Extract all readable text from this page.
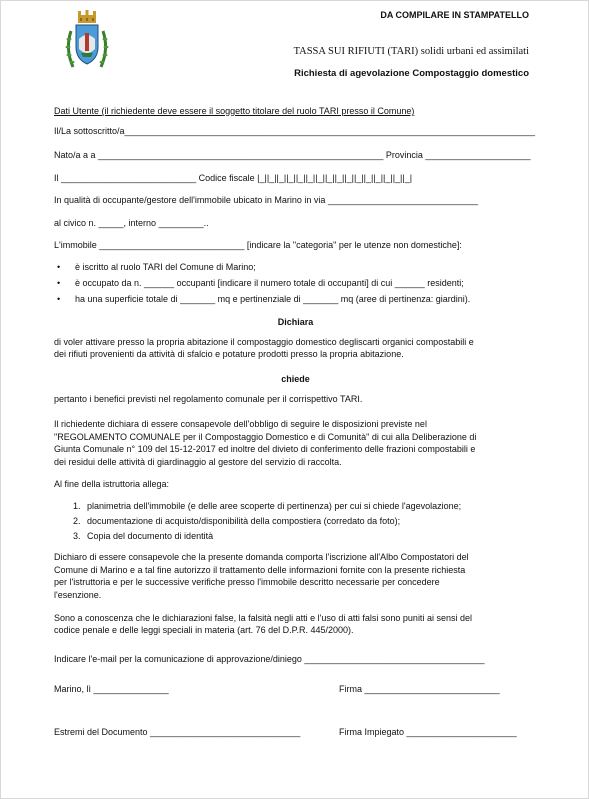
DA COMPILARE IN STAMPATELLO
TASSA SUI RIFIUTI (TARI) solidi urbani ed assimilati
Richiesta di agevolazione Compostaggio domestico
Dati Utente (il richiedente deve essere il soggetto titolare del ruolo TARI presso il Comune)
Il/La sottoscritto/a__________________________________________________________________________________
Nato/a a a _________________________________________________________ Provincia _____________________
Il ___________________________ Codice fiscale |_||_||_||_||_||_||_||_||_||_||_||_||_||_||_||_|
In qualità di occupante/gestore dell'immobile ubicato in Marino in via ______________________________
al civico n. _____, interno _________..
L'immobile _____________________________ [indicare la "categoria" per le utenze non domestiche]:
• è iscritto al ruolo TARI del Comune di Marino;
• è occupato da n. ______ occupanti [indicare il numero totale di occupanti] di cui ______ residenti;
• ha una superficie totale di _______ mq e pertinenziale di _______ mq (aree di pertinenza: giardini).
Dichiara
di voler attivare presso la propria abitazione il compostaggio domestico degliscarti organici compostabili e
dei rifiuti provenienti da attività di sfalcio e potature prodotti presso la propria abitazione.
chiede
pertanto i benefici previsti nel regolamento comunale per il corrispettivo TARI.
Il richiedente dichiara di essere consapevole dell'obbligo di seguire le disposizioni previste nel
"REGOLAMENTO COMUNALE per il Compostaggio Domestico e di Comunità" di cui alla Deliberazione di
Giunta Comunale n° 109 del 15-12-2017 ed inoltre del divieto di conferimento delle frazioni compostabili e
dei residui delle attività di giardinaggio al gestore del servizio di raccolta.
Al fine della istruttoria allega:
1. planimetria dell'immobile (e delle aree scoperte di pertinenza) per cui si chiede l'agevolazione;
2. documentazione di acquisto/disponibilità della compostiera (corredato da foto);
3. Copia del documento di identità
Dichiaro di essere consapevole che la presente domanda comporta l'iscrizione all'Albo Compostatori del
Comune di Marino e a tal fine autorizzo il trattamento delle informazioni fornite con la presente richiesta
per l'istruttoria e per le successive verifiche presso l'immobile descritto necessarie per concedere
l'esenzione.
Sono a conoscenza che le dichiarazioni false, la falsità negli atti e l'uso di atti falsi sono puniti ai sensi del
codice penale e delle leggi speciali in materia (art. 76 del D.P.R. 445/2000).
Indicare l'e-mail per la comunicazione di approvazione/diniego ____________________________________
Marino, lì _______________	Firma ___________________________
Estremi del Documento ______________________________	Firma Impiegato ______________________
